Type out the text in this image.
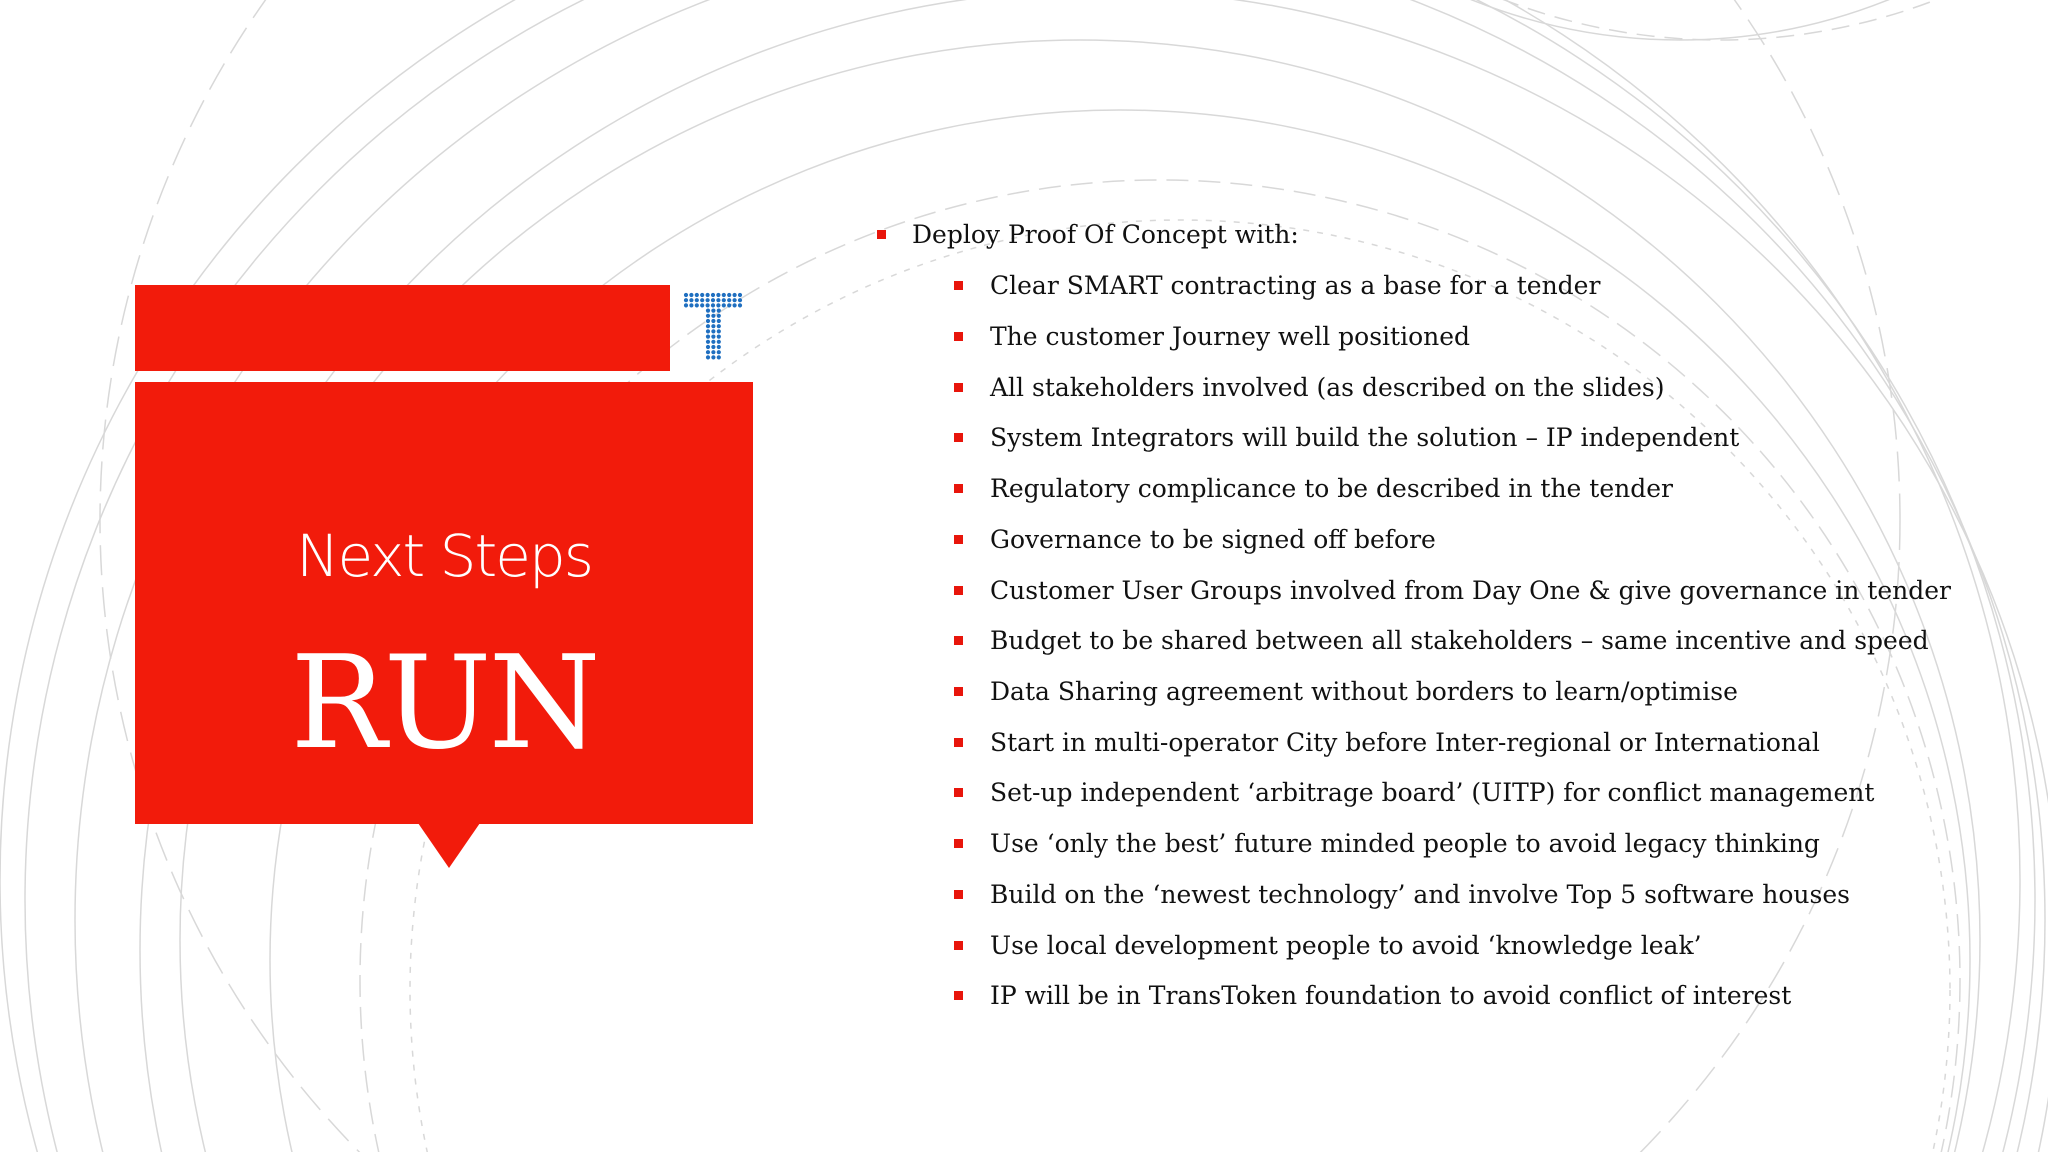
Next Steps
RUN
Deploy Proof Of Concept with:
Clear SMART contracting as a base for a tender
The customer Journey well positioned
All stakeholders involved (as described on the slides)
System Integrators will build the solution – IP independent
Regulatory complicance to be described in the tender
Governance to be signed off before
Customer User Groups involved from Day One & give governance in tender
Budget to be shared between all stakeholders – same incentive and speed
Data Sharing agreement without borders to learn/optimise
Start in multi-operator City before Inter-regional or International
Set-up independent ‘arbitrage board’ (UITP) for conflict management
Use ‘only the best’ future minded people to avoid legacy thinking
Build on the ‘newest technology’ and involve Top 5 software houses
Use local development people to avoid ‘knowledge leak’
IP will be in TransToken foundation to avoid conflict of interest
